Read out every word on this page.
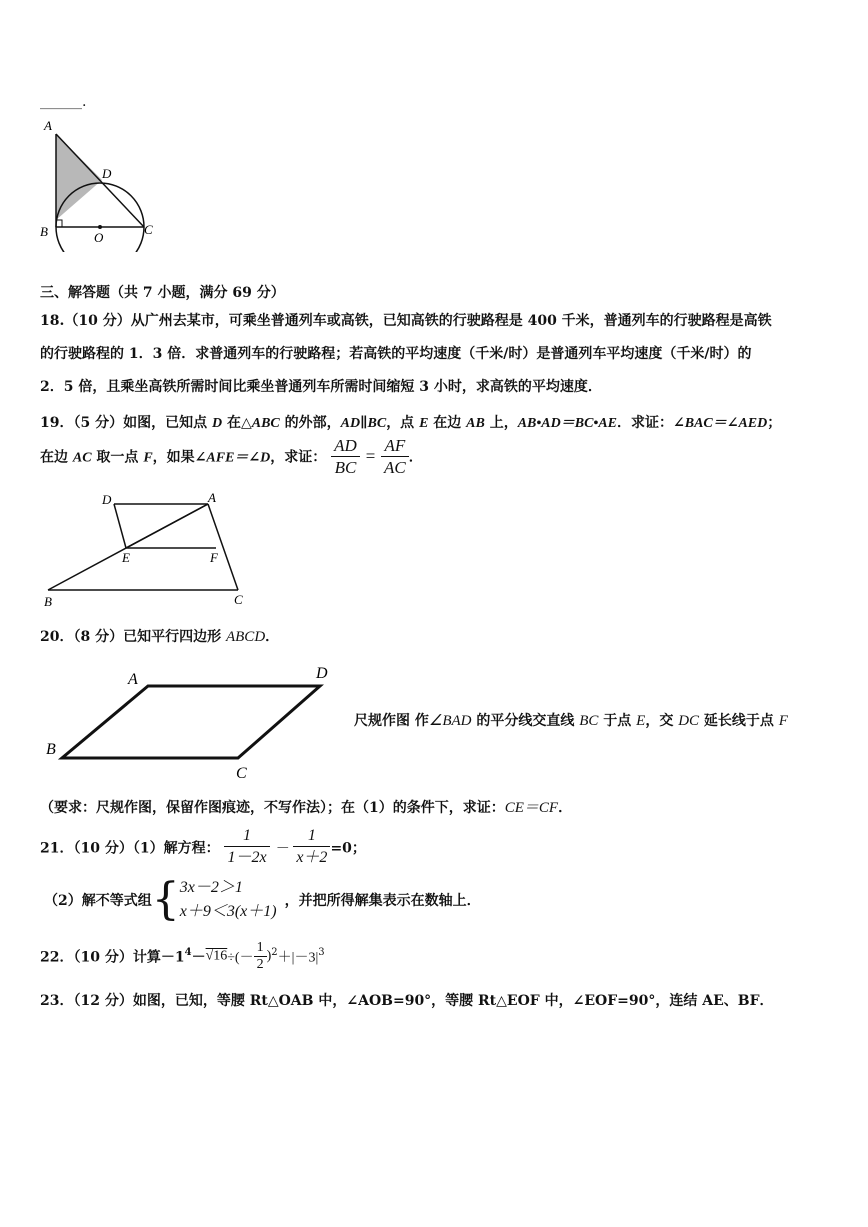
______.
A
D
B	O
C
三、解答题（共 7 小题，满分 69 分）
18.（10 分）从广州去某市，可乘坐普通列车或高铁，已知高铁的行驶路程是 400 千米，普通列车的行驶路程是高铁
的行驶路程的 1．3 倍．求普通列车的行驶路程；若高铁的平均速度（千米/时）是普通列车平均速度（千米/时）的
2．5 倍，且乘坐高铁所需时间比乘坐普通列车所需时间缩短 3 小时，求高铁的平均速度．
19．（5 分）如图，已知点 D 在△ABC 的外部，AD∥BC，点 E 在边 AB 上，AB•AD＝BC•AE．求证：∠BAC＝∠AED；
在边 AC 取一点 F，如果∠AFE＝∠D，求证： $\frac{AD}{BC} = \frac{AF}{AC}$ ．
D	A
E	F
B	C
20．（8 分）已知平行四边形 ABCD．
A	D
B
C
尺规作图 作∠BAD 的平分线交直线 BC 于点 E，交 DC 延长线于点 F
（要求：尺规作图，保留作图痕迹，不写作法）；在（1）的条件下，求证：CE＝CF．
21．（10 分）（1）解方程： $\frac{1}{1-2x} - \frac{1}{x+2} =0$；
（2）解不等式组{ 3x－2＞1
x＋9＜3(x＋1)
，并把所得解集表示在数轴上．
22．（10 分）计算$-1^4-√16\div(- \frac{1}{2} )^2+|-3|^3$
23．（12 分）如图，已知，等腰 Rt△OAB 中，∠AOB=90°，等腰 Rt△EOF 中，∠EOF=90°，连结 AE、BF．
